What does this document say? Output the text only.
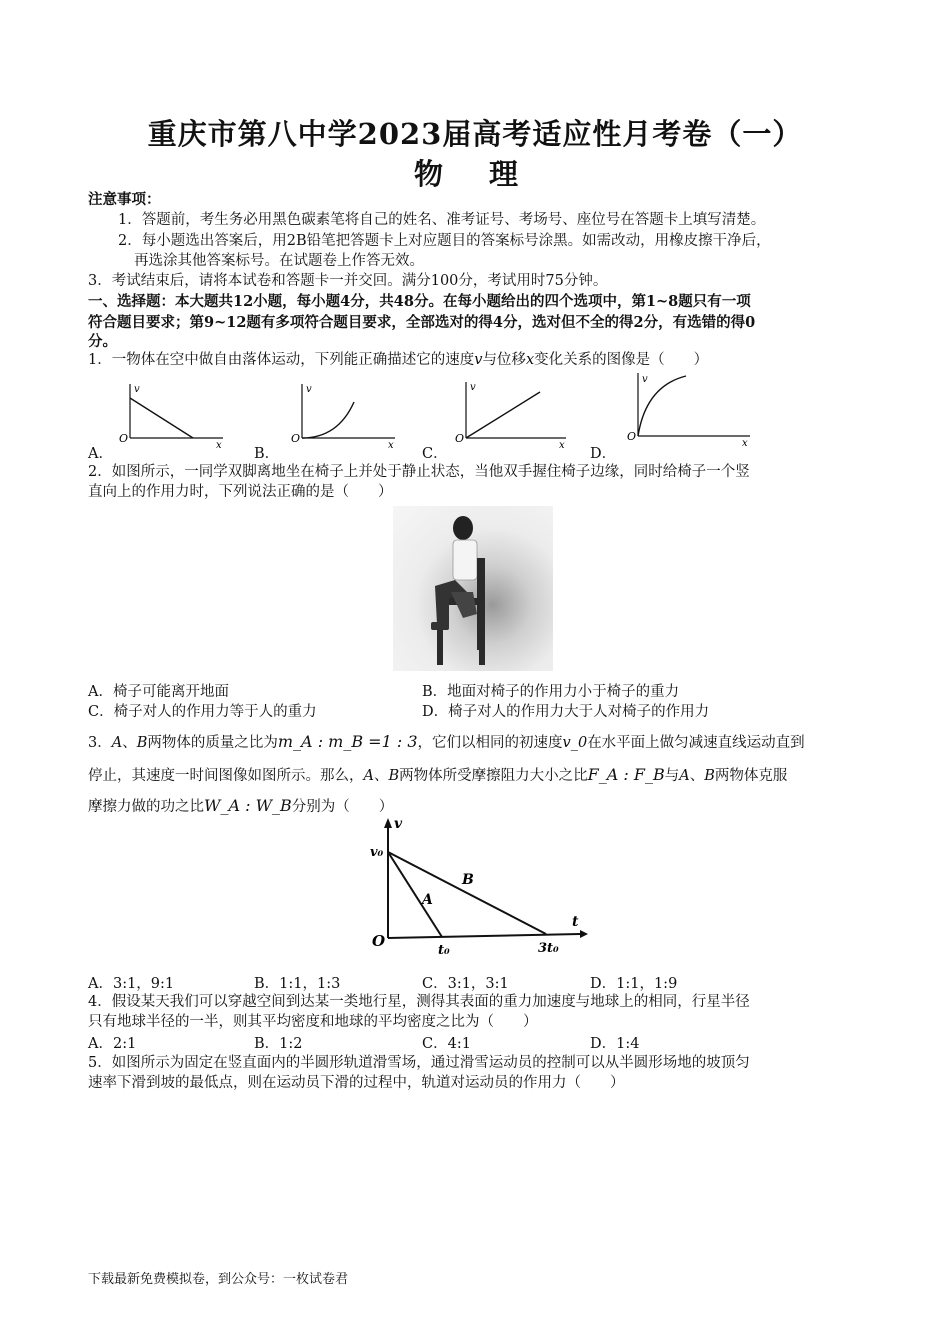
重庆市第八中学2023届高考适应性月考卷（一）
物 理
注意事项：
1．答题前，考生务必用黑色碳素笔将自己的姓名、准考证号、考场号、座位号在答题卡上填写清楚。
2．每小题选出答案后，用2B铅笔把答题卡上对应题目的答案标号涂黑。如需改动，用橡皮擦干净后，
再选涂其他答案标号。在试题卷上作答无效。
3．考试结束后，请将本试卷和答题卡一并交回。满分100分，考试用时75分钟。
一、选择题：本大题共12小题，每小题4分，共48分。在每小题给出的四个选项中，第1~8题只有一项
符合题目要求；第9~12题有多项符合题目要求，全部选对的得4分，选对但不全的得2分，有选错的得0
分。
1．一物体在空中做自由落体运动，下列能正确描述它的速度v与位移x变化关系的图像是（　　）
v
x
O
A．
v
x
O
B．
v
x
O
C．
v
x
O
D．
2．如图所示，一同学双脚离地坐在椅子上并处于静止状态，当他双手握住椅子边缘，同时给椅子一个竖
直向上的作用力时，下列说法正确的是（　　）
A．椅子可能离开地面	B．地面对椅子的作用力小于椅子的重力
C．椅子对人的作用力等于人的重力	D．椅子对人的作用力大于人对椅子的作用力
3．A、B两物体的质量之比为m_A : m_B =1 : 3，它们以相同的初速度v_0在水平面上做匀减速直线运动直到
停止，其速度一时间图像如图所示。那么，A、B两物体所受摩擦阻力大小之比F_A : F_B与A、B两物体克服
摩擦力做的功之比W_A : W_B分别为（　　）
v
t
v₀
O
t₀	3t₀
A
B
A．3:1，9:1	B．1:1，1:3	C．3:1，3:1	D．1:1，1:9
4．假设某天我们可以穿越空间到达某一类地行星，测得其表面的重力加速度与地球上的相同，行星半径
只有地球半径的一半，则其平均密度和地球的平均密度之比为（　　）
A．2:1	B．1:2	C．4:1	D．1:4
5．如图所示为固定在竖直面内的半圆形轨道滑雪场，通过滑雪运动员的控制可以从半圆形场地的坡顶匀
速率下滑到坡的最低点，则在运动员下滑的过程中，轨道对运动员的作用力（　　）
下载最新免费模拟卷，到公众号：一枚试卷君
